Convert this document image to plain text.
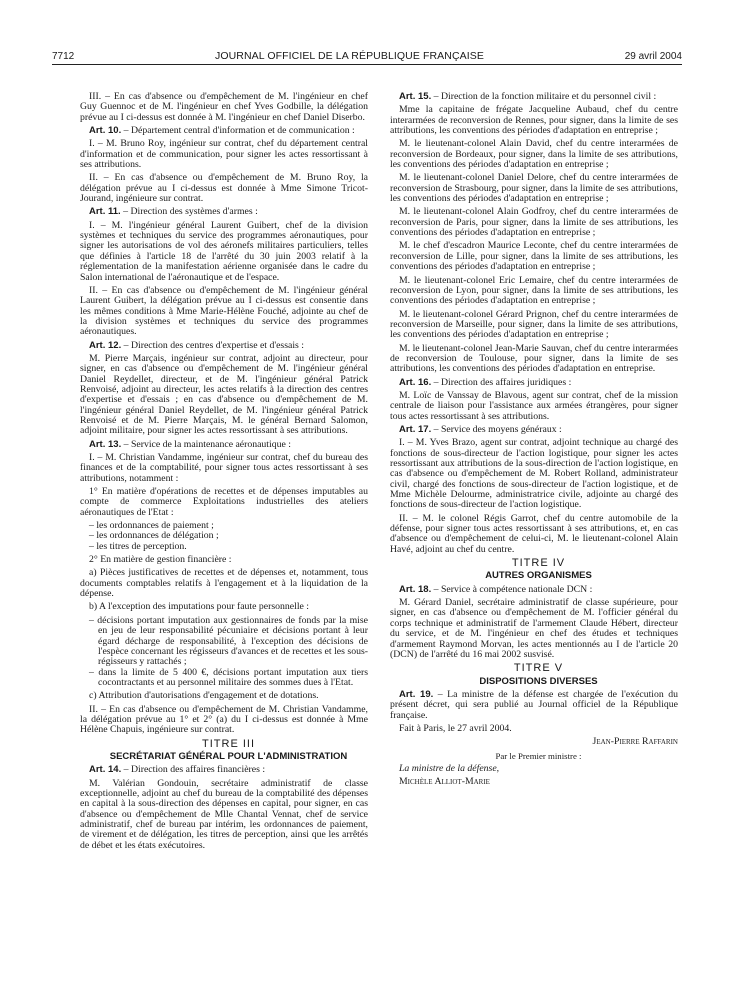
7712	JOURNAL OFFICIEL DE LA RÉPUBLIQUE FRANÇAISE	29 avril 2004

III. – En cas d'absence ou d'empêchement de M. l'ingénieur en chef Guy Guennoc et de M. l'ingénieur en chef Yves Godbille, la délégation prévue au I ci-dessus est donnée à M. l'ingénieur en chef Daniel Diserbo.

Art. 10. – Département central d'information et de communication :

I. – M. Bruno Roy, ingénieur sur contrat, chef du département central d'information et de communication, pour signer les actes ressortissant à ses attributions.

II. – En cas d'absence ou d'empêchement de M. Bruno Roy, la délégation prévue au I ci-dessus est donnée à Mme Simone Tricot-Jourand, ingénieure sur contrat.

Art. 11. – Direction des systèmes d'armes :

I. – M. l'ingénieur général Laurent Guibert, chef de la division systèmes et techniques du service des programmes aéronautiques, pour signer les autorisations de vol des aéronefs militaires particuliers, telles que définies à l'article 18 de l'arrêté du 30 juin 2003 relatif à la réglementation de la manifestation aérienne organisée dans le cadre du Salon international de l'aéronautique et de l'espace.

II. – En cas d'absence ou d'empêchement de M. l'ingénieur général Laurent Guibert, la délégation prévue au I ci-dessus est consentie dans les mêmes conditions à Mme Marie-Hélène Fouché, adjointe au chef de la division systèmes et techniques du service des programmes aéronautiques.

Art. 12. – Direction des centres d'expertise et d'essais :

M. Pierre Marçais, ingénieur sur contrat, adjoint au directeur, pour signer, en cas d'absence ou d'empêchement de M. l'ingénieur général Daniel Reydellet, directeur, et de M. l'ingénieur général Patrick Renvoisé, adjoint au directeur, les actes relatifs à la direction des centres d'expertise et d'essais ; en cas d'absence ou d'empêchement de M. l'ingénieur général Daniel Reydellet, de M. l'ingénieur général Patrick Renvoisé et de M. Pierre Marçais, M. le général Bernard Salomon, adjoint militaire, pour signer les actes ressortissant à ses attributions.

Art. 13. – Service de la maintenance aéronautique :

I. – M. Christian Vandamme, ingénieur sur contrat, chef du bureau des finances et de la comptabilité, pour signer tous actes ressortissant à ses attributions, notamment :

1° En matière d'opérations de recettes et de dépenses imputables au compte de commerce Exploitations industrielles des ateliers aéronautiques de l'Etat :

– les ordonnances de paiement ;
– les ordonnances de délégation ;
– les titres de perception.

2° En matière de gestion financière :

a) Pièces justificatives de recettes et de dépenses et, notamment, tous documents comptables relatifs à l'engagement et à la liquidation de la dépense.

b) A l'exception des imputations pour faute personnelle :

– décisions portant imputation aux gestionnaires de fonds par la mise en jeu de leur responsabilité pécuniaire et décisions portant à leur égard décharge de responsabilité, à l'exception des décisions de l'espèce concernant les régisseurs d'avances et de recettes et les sous-régisseurs y rattachés ;
– dans la limite de 5 400 €, décisions portant imputation aux tiers cocontractants et au personnel militaire des sommes dues à l'Etat.

c) Attribution d'autorisations d'engagement et de dotations.

II. – En cas d'absence ou d'empêchement de M. Christian Vandamme, la délégation prévue au 1° et 2° (a) du I ci-dessus est donnée à Mme Hélène Chapuis, ingénieure sur contrat.

TITRE III

SECRÉTARIAT GÉNÉRAL POUR L'ADMINISTRATION

Art. 14. – Direction des affaires financières :

M. Valérian Gondouin, secrétaire administratif de classe exceptionnelle, adjoint au chef du bureau de la comptabilité des dépenses en capital à la sous-direction des dépenses en capital, pour signer, en cas d'absence ou d'empêchement de Mlle Chantal Vennat, chef de service administratif, chef de bureau par intérim, les ordonnances de paiement, de virement et de délégation, les titres de perception, ainsi que les arrêtés de débet et les états exécutoires.

Art. 15. – Direction de la fonction militaire et du personnel civil :

Mme la capitaine de frégate Jacqueline Aubaud, chef du centre interarmées de reconversion de Rennes, pour signer, dans la limite de ses attributions, les conventions des périodes d'adaptation en entreprise ;

M. le lieutenant-colonel Alain David, chef du centre interarmées de reconversion de Bordeaux, pour signer, dans la limite de ses attributions, les conventions des périodes d'adaptation en entreprise ;

M. le lieutenant-colonel Daniel Delore, chef du centre interarmées de reconversion de Strasbourg, pour signer, dans la limite de ses attributions, les conventions des périodes d'adaptation en entreprise ;

M. le lieutenant-colonel Alain Godfroy, chef du centre interarmées de reconversion de Paris, pour signer, dans la limite de ses attributions, les conventions des périodes d'adaptation en entreprise ;

M. le chef d'escadron Maurice Leconte, chef du centre interarmées de reconversion de Lille, pour signer, dans la limite de ses attributions, les conventions des périodes d'adaptation en entreprise ;

M. le lieutenant-colonel Eric Lemaire, chef du centre interarmées de reconversion de Lyon, pour signer, dans la limite de ses attributions, les conventions des périodes d'adaptation en entreprise ;

M. le lieutenant-colonel Gérard Prignon, chef du centre interarmées de reconversion de Marseille, pour signer, dans la limite de ses attributions, les conventions des périodes d'adaptation en entreprise ;

M. le lieutenant-colonel Jean-Marie Sauvan, chef du centre interarmées de reconversion de Toulouse, pour signer, dans la limite de ses attributions, les conventions des périodes d'adaptation en entreprise.

Art. 16. – Direction des affaires juridiques :

M. Loïc de Vanssay de Blavous, agent sur contrat, chef de la mission centrale de liaison pour l'assistance aux armées étrangères, pour signer tous actes ressortissant à ses attributions.

Art. 17. – Service des moyens généraux :

I. – M. Yves Brazo, agent sur contrat, adjoint technique au chargé des fonctions de sous-directeur de l'action logistique, pour signer les actes ressortissant aux attributions de la sous-direction de l'action logistique, en cas d'absence ou d'empêchement de M. Robert Rolland, administrateur civil, chargé des fonctions de sous-directeur de l'action logistique, et de Mme Michèle Delourme, administratrice civile, adjointe au chargé des fonctions de sous-directeur de l'action logistique.

II. – M. le colonel Régis Garrot, chef du centre automobile de la défense, pour signer tous actes ressortissant à ses attributions, et, en cas d'absence ou d'empêchement de celui-ci, M. le lieutenant-colonel Alain Havé, adjoint au chef du centre.

TITRE IV

AUTRES ORGANISMES

Art. 18. – Service à compétence nationale DCN :

M. Gérard Daniel, secrétaire administratif de classe supérieure, pour signer, en cas d'absence ou d'empêchement de M. l'officier général du corps technique et administratif de l'armement Claude Hébert, directeur du service, et de M. l'ingénieur en chef des études et techniques d'armement Raymond Morvan, les actes mentionnés au I de l'article 20 (DCN) de l'arrêté du 16 mai 2002 susvisé.

TITRE V

DISPOSITIONS DIVERSES

Art. 19. – La ministre de la défense est chargée de l'exécution du présent décret, qui sera publié au Journal officiel de la République française.

Fait à Paris, le 27 avril 2004.

Jean-Pierre Raffarin

Par le Premier ministre :

La ministre de la défense,

Michèle Alliot-Marie
